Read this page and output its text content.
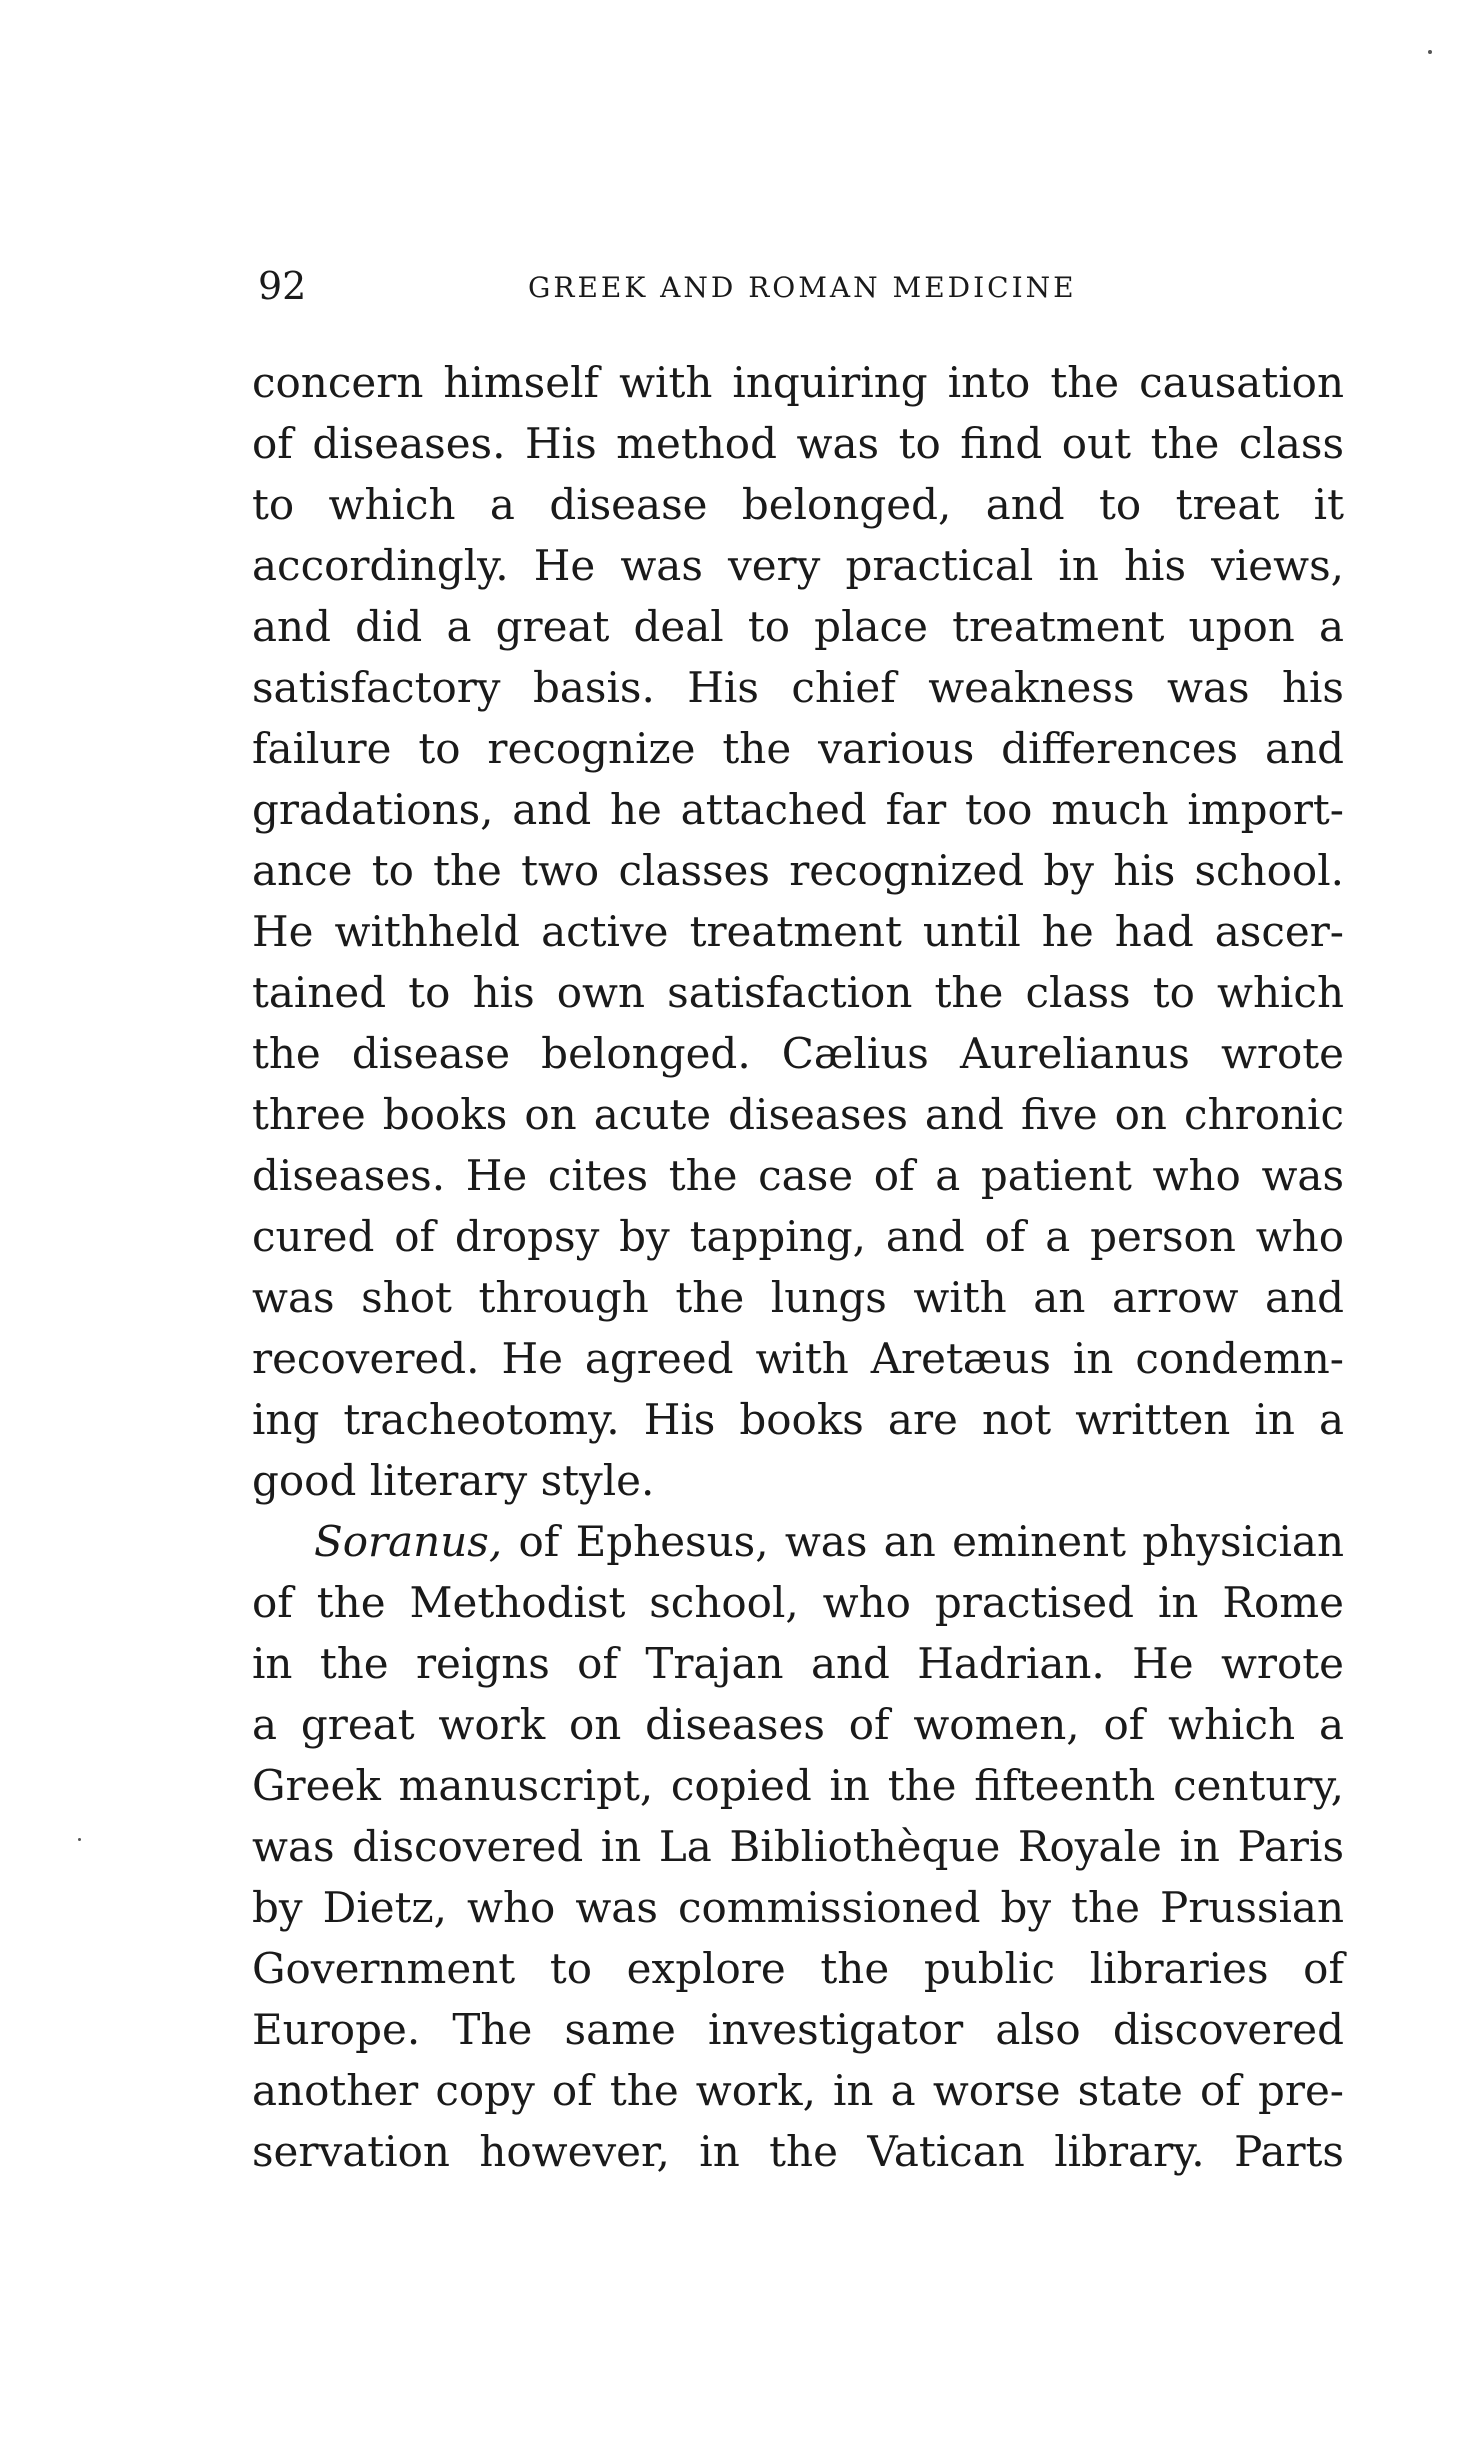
92	GREEK AND ROMAN MEDICINE
concern himself with inquiring into the causation
of diseases. His method was to find out the class
to which a disease belonged, and to treat it
accordingly. He was very practical in his views,
and did a great deal to place treatment upon a
satisfactory basis. His chief weakness was his
failure to recognize the various differences and
gradations, and he attached far too much import-
ance to the two classes recognized by his school.
He withheld active treatment until he had ascer-
tained to his own satisfaction the class to which
the disease belonged. Cælius Aurelianus wrote
three books on acute diseases and five on chronic
diseases. He cites the case of a patient who was
cured of dropsy by tapping, and of a person who
was shot through the lungs with an arrow and
recovered. He agreed with Aretæus in condemn-
ing tracheotomy. His books are not written in a
good literary style.
Soranus, of Ephesus, was an eminent physician
of the Methodist school, who practised in Rome
in the reigns of Trajan and Hadrian. He wrote
a great work on diseases of women, of which a
Greek manuscript, copied in the fifteenth century,
was discovered in La Bibliothèque Royale in Paris
by Dietz, who was commissioned by the Prussian
Government to explore the public libraries of
Europe. The same investigator also discovered
another copy of the work, in a worse state of pre-
servation however, in the Vatican library. Parts
